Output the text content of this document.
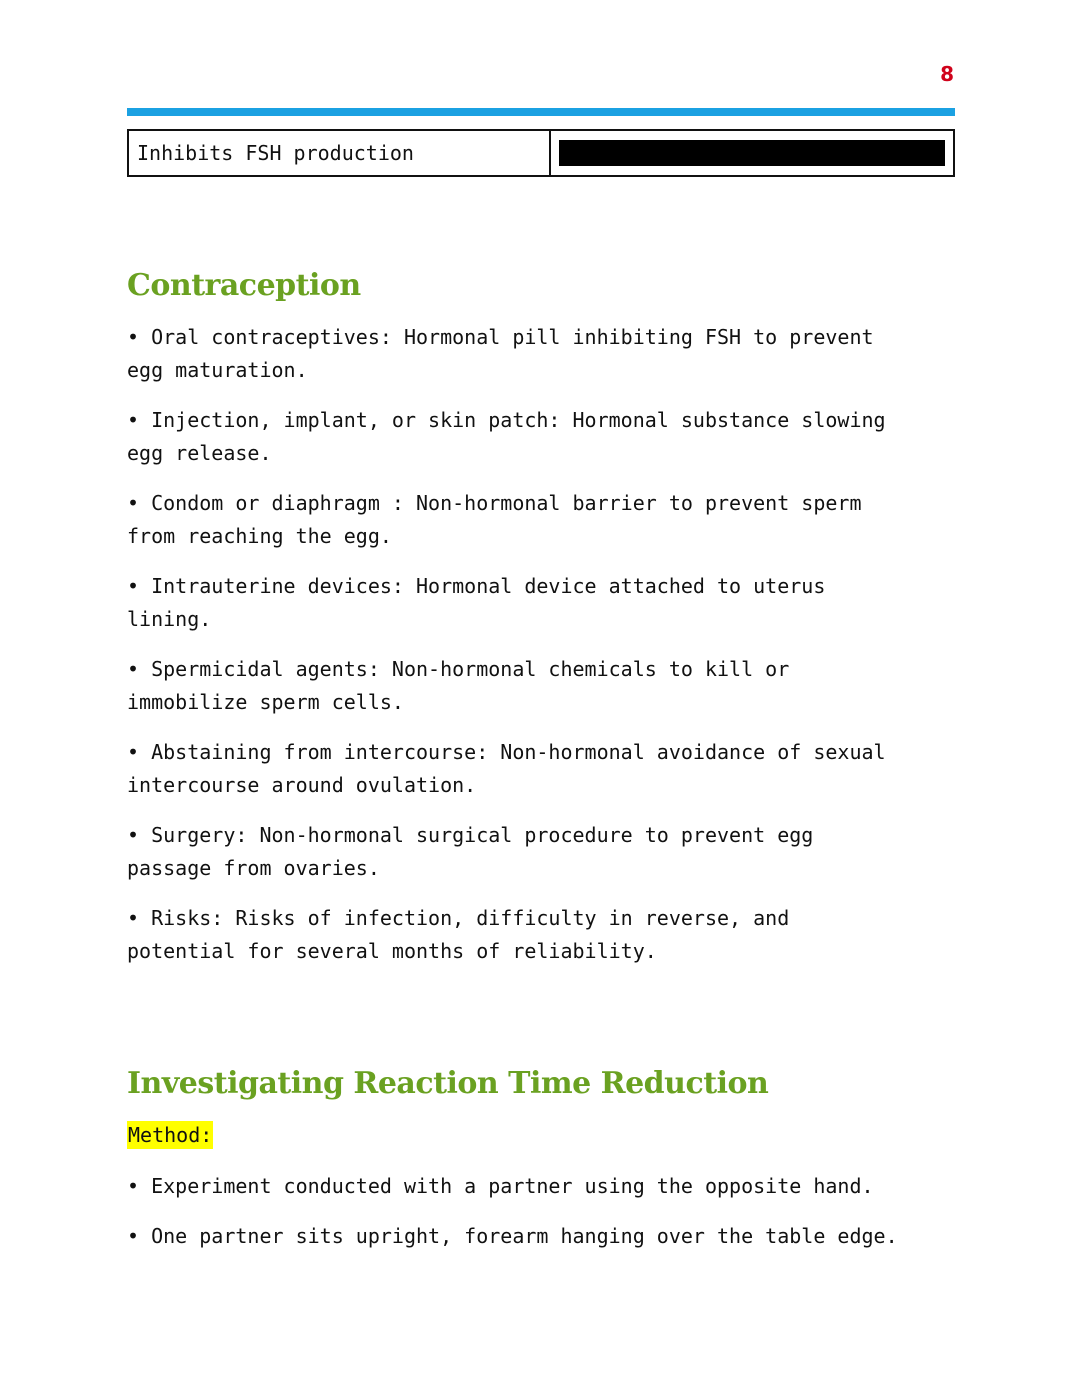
8
Inhibits FSH production	
Contraception
• Oral contraceptives: Hormonal pill inhibiting FSH to prevent
egg maturation.
• Injection, implant, or skin patch: Hormonal substance slowing
egg release.
• Condom or diaphragm : Non-hormonal barrier to prevent sperm
from reaching the egg.
• Intrauterine devices: Hormonal device attached to uterus
lining.
• Spermicidal agents: Non-hormonal chemicals to kill or
immobilize sperm cells.
• Abstaining from intercourse: Non-hormonal avoidance of sexual
intercourse around ovulation.
• Surgery: Non-hormonal surgical procedure to prevent egg
passage from ovaries.
• Risks: Risks of infection, difficulty in reverse, and
potential for several months of reliability.
Investigating Reaction Time Reduction
Method:
• Experiment conducted with a partner using the opposite hand.
• One partner sits upright, forearm hanging over the table edge.
